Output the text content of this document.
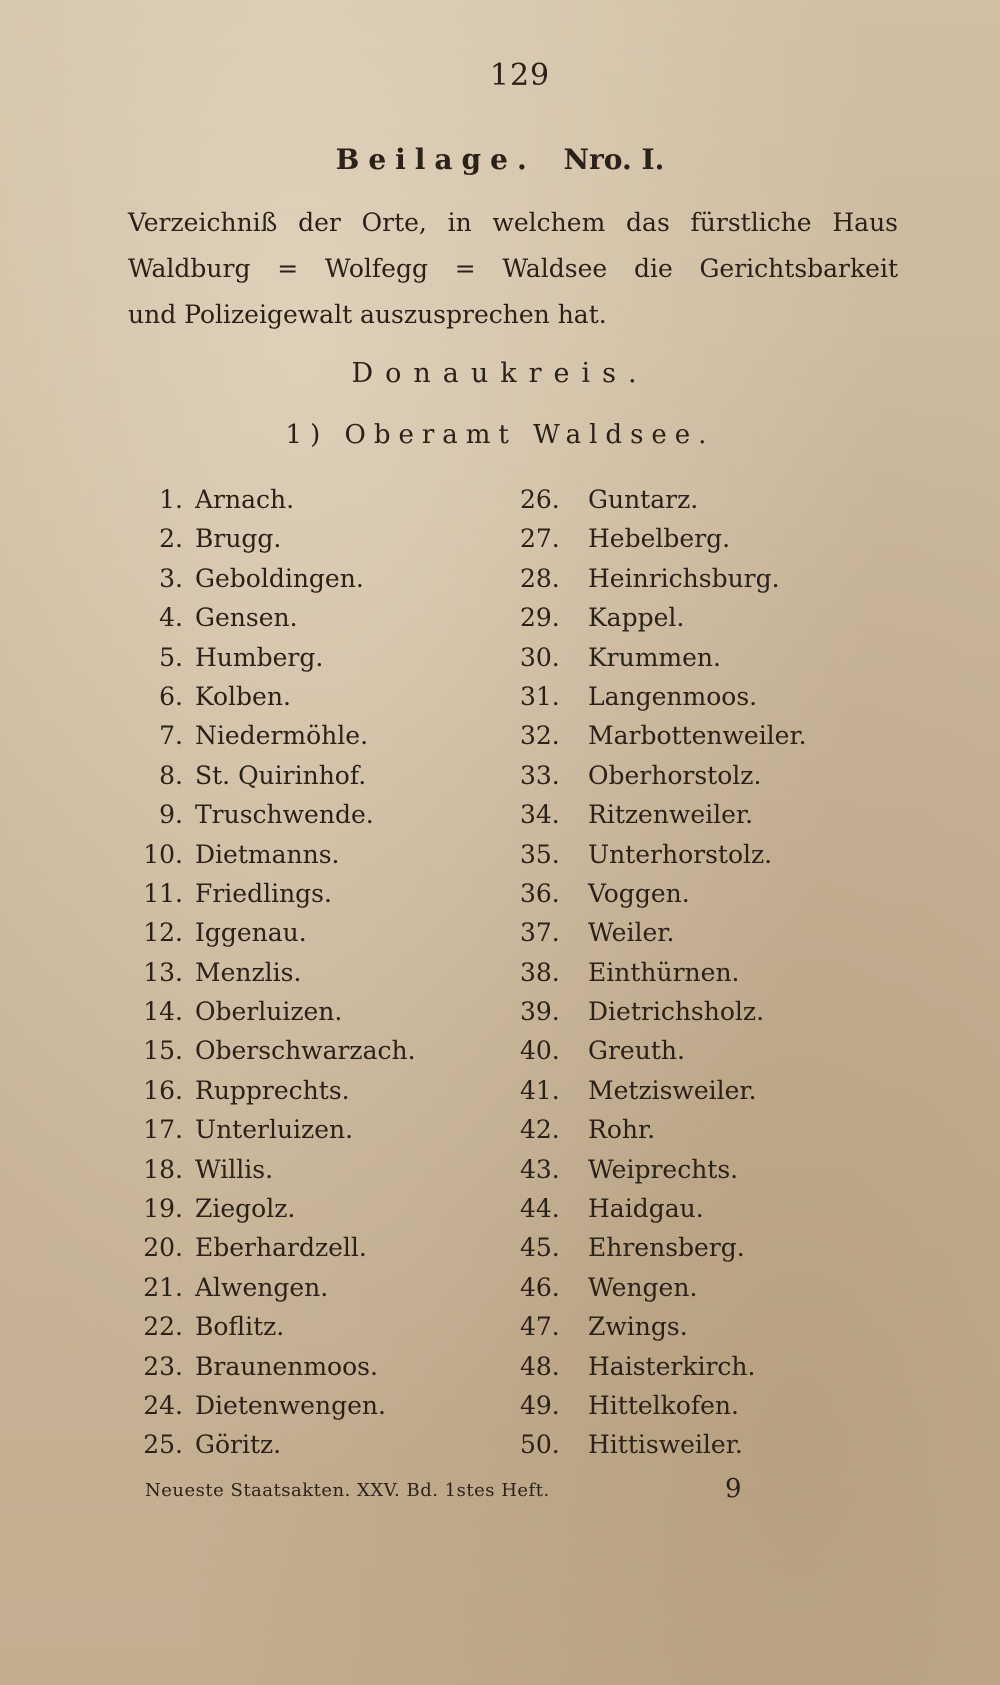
129
Beilage. Nro. I.
Verzeichniß der Orte, in welchem das fürstliche Haus
Waldburg = Wolfegg = Waldsee die Gerichtsbarkeit
und Polizeigewalt auszusprechen hat.
Donaukreis.
1) Oberamt Waldsee.
1. Arnach.
2. Brugg.
3. Geboldingen.
4. Gensen.
5. Humberg.
6. Kolben.
7. Niedermöhle.
8. St. Quirinhof.
9. Truschwende.
10. Dietmanns.
11. Friedlings.
12. Iggenau.
13. Menzlis.
14. Oberluizen.
15. Oberschwarzach.
16. Rupprechts.
17. Unterluizen.
18. Willis.
19. Ziegolz.
20. Eberhardzell.
21. Alwengen.
22. Boflitz.
23. Braunenmoos.
24. Dietenwengen.
25. Göritz.
26. Guntarz.
27. Hebelberg.
28. Heinrichsburg.
29. Kappel.
30. Krummen.
31. Langenmoos.
32. Marbottenweiler.
33. Oberhorstolz.
34. Ritzenweiler.
35. Unterhorstolz.
36. Voggen.
37. Weiler.
38. Einthürnen.
39. Dietrichsholz.
40. Greuth.
41. Metzisweiler.
42. Rohr.
43. Weiprechts.
44. Haidgau.
45. Ehrensberg.
46. Wengen.
47. Zwings.
48. Haisterkirch.
49. Hittelkofen.
50. Hittisweiler.
Neueste Staatsakten. XXV. Bd. 1stes Heft.	9
